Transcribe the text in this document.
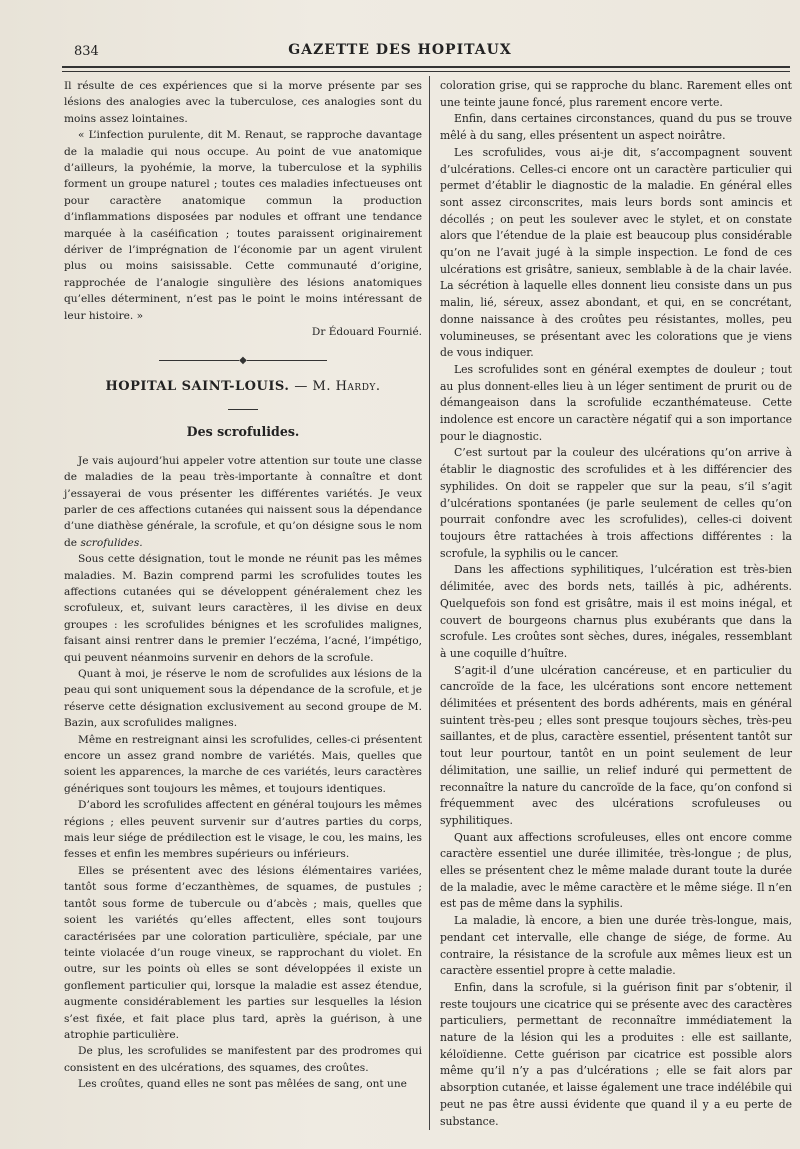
834	GAZETTE DES HOPITAUX

Il résulte de ces expériences que si la morve présente par ses lésions des analogies avec la tuberculose, ces analogies sont du moins assez lointaines.

« L’infection purulente, dit M. Renaut, se rapproche davantage de la maladie qui nous occupe. Au point de vue anatomique d’ailleurs, la pyohémie, la morve, la tuberculose et la syphilis forment un groupe naturel ; toutes ces maladies infectueuses ont pour caractère anatomique commun la production d’inflammations disposées par nodules et offrant une tendance marquée à la caséification ; toutes paraissent originairement dériver de l’imprégnation de l’économie par un agent virulent plus ou moins saisissable. Cette communauté d’origine, rapprochée de l’analogie singulière des lésions anatomiques qu’elles déterminent, n’est pas le point le moins intéressant de leur histoire. »

Dr Édouard Fournié.
◆
HOPITAL SAINT-LOUIS. — M. Hardy.
Des scrofulides.

Je vais aujourd’hui appeler votre attention sur toute une classe de maladies de la peau très-importante à connaître et dont j’essayerai de vous présenter les différentes variétés. Je veux parler de ces affections cutanées qui naissent sous la dépendance d’une diathèse générale, la scrofule, et qu’on désigne sous le nom de scrofulides.

Sous cette désignation, tout le monde ne réunit pas les mêmes maladies. M. Bazin comprend parmi les scrofulides toutes les affections cutanées qui se développent généralement chez les scrofuleux, et, suivant leurs caractères, il les divise en deux groupes : les scrofulides bénignes et les scrofulides malignes, faisant ainsi rentrer dans le premier l’eczéma, l’acné, l’impétigo, qui peuvent néanmoins survenir en dehors de la scrofule.

Quant à moi, je réserve le nom de scrofulides aux lésions de la peau qui sont uniquement sous la dépendance de la scrofule, et je réserve cette désignation exclusivement au second groupe de M. Bazin, aux scrofulides malignes.

Même en restreignant ainsi les scrofulides, celles-ci présentent encore un assez grand nombre de variétés. Mais, quelles que soient les apparences, la marche de ces variétés, leurs caractères génériques sont toujours les mêmes, et toujours identiques.

D’abord les scrofulides affectent en général toujours les mêmes régions ; elles peuvent survenir sur d’autres parties du corps, mais leur siége de prédilection est le visage, le cou, les mains, les fesses et enfin les membres supérieurs ou inférieurs.

Elles se présentent avec des lésions élémentaires variées, tantôt sous forme d’eczanthèmes, de squames, de pustules ; tantôt sous forme de tubercule ou d’abcès ; mais, quelles que soient les variétés qu’elles affectent, elles sont toujours caractérisées par une coloration particulière, spéciale, par une teinte violacée d’un rouge vineux, se rapprochant du violet. En outre, sur les points où elles se sont développées il existe un gonflement particulier qui, lorsque la maladie est assez étendue, augmente considérablement les parties sur lesquelles la lésion s’est fixée, et fait place plus tard, après la guérison, à une atrophie particulière.

De plus, les scrofulides se manifestent par des prodromes qui consistent en des ulcérations, des squames, des croûtes.

Les croûtes, quand elles ne sont pas mêlées de sang, ont une

coloration grise, qui se rapproche du blanc. Rarement elles ont une teinte jaune foncé, plus rarement encore verte.

Enfin, dans certaines circonstances, quand du pus se trouve mêlé à du sang, elles présentent un aspect noirâtre.

Les scrofulides, vous ai-je dit, s’accompagnent souvent d’ulcérations. Celles-ci encore ont un caractère particulier qui permet d’établir le diagnostic de la maladie. En général elles sont assez circonscrites, mais leurs bords sont amincis et décollés ; on peut les soulever avec le stylet, et on constate alors que l’étendue de la plaie est beaucoup plus considérable qu’on ne l’avait jugé à la simple inspection. Le fond de ces ulcérations est grisâtre, sanieux, semblable à de la chair lavée. La sécrétion à laquelle elles donnent lieu consiste dans un pus malin, lié, séreux, assez abondant, et qui, en se concrétant, donne naissance à des croûtes peu résistantes, molles, peu volumineuses, se présentant avec les colorations que je viens de vous indiquer.

Les scrofulides sont en général exemptes de douleur ; tout au plus donnent-elles lieu à un léger sentiment de prurit ou de démangeaison dans la scrofulide eczanthémateuse. Cette indolence est encore un caractère négatif qui a son importance pour le diagnostic.

C’est surtout par la couleur des ulcérations qu’on arrive à établir le diagnostic des scrofulides et à les différencier des syphilides. On doit se rappeler que sur la peau, s’il s’agit d’ulcérations spontanées (je parle seulement de celles qu’on pourrait confondre avec les scrofulides), celles-ci doivent toujours être rattachées à trois affections différentes : la scrofule, la syphilis ou le cancer.

Dans les affections syphilitiques, l’ulcération est très-bien délimitée, avec des bords nets, taillés à pic, adhérents. Quelquefois son fond est grisâtre, mais il est moins inégal, et couvert de bourgeons charnus plus exubérants que dans la scrofule. Les croûtes sont sèches, dures, inégales, ressemblant à une coquille d’huître.

S’agit-il d’une ulcération cancéreuse, et en particulier du cancroïde de la face, les ulcérations sont encore nettement délimitées et présentent des bords adhérents, mais en général suintent très-peu ; elles sont presque toujours sèches, très-peu saillantes, et de plus, caractère essentiel, présentent tantôt sur tout leur pourtour, tantôt en un point seulement de leur délimitation, une saillie, un relief induré qui permettent de reconnaître la nature du cancroïde de la face, qu’on confond si fréquemment avec des ulcérations scrofuleuses ou syphilitiques.

Quant aux affections scrofuleuses, elles ont encore comme caractère essentiel une durée illimitée, très-longue ; de plus, elles se présentent chez le même malade durant toute la durée de la maladie, avec le même caractère et le même siége. Il n’en est pas de même dans la syphilis.

La maladie, là encore, a bien une durée très-longue, mais, pendant cet intervalle, elle change de siége, de forme. Au contraire, la résistance de la scrofule aux mêmes lieux est un caractère essentiel propre à cette maladie.

Enfin, dans la scrofule, si la guérison finit par s’obtenir, il reste toujours une cicatrice qui se présente avec des caractères particuliers, permettant de reconnaître immédiatement la nature de la lésion qui les a produites : elle est saillante, kéloïdienne. Cette guérison par cicatrice est possible alors même qu’il n’y a pas d’ulcérations ; elle se fait alors par absorption cutanée, et laisse également une trace indélébile qui peut ne pas être aussi évidente que quand il y a eu perte de substance.
